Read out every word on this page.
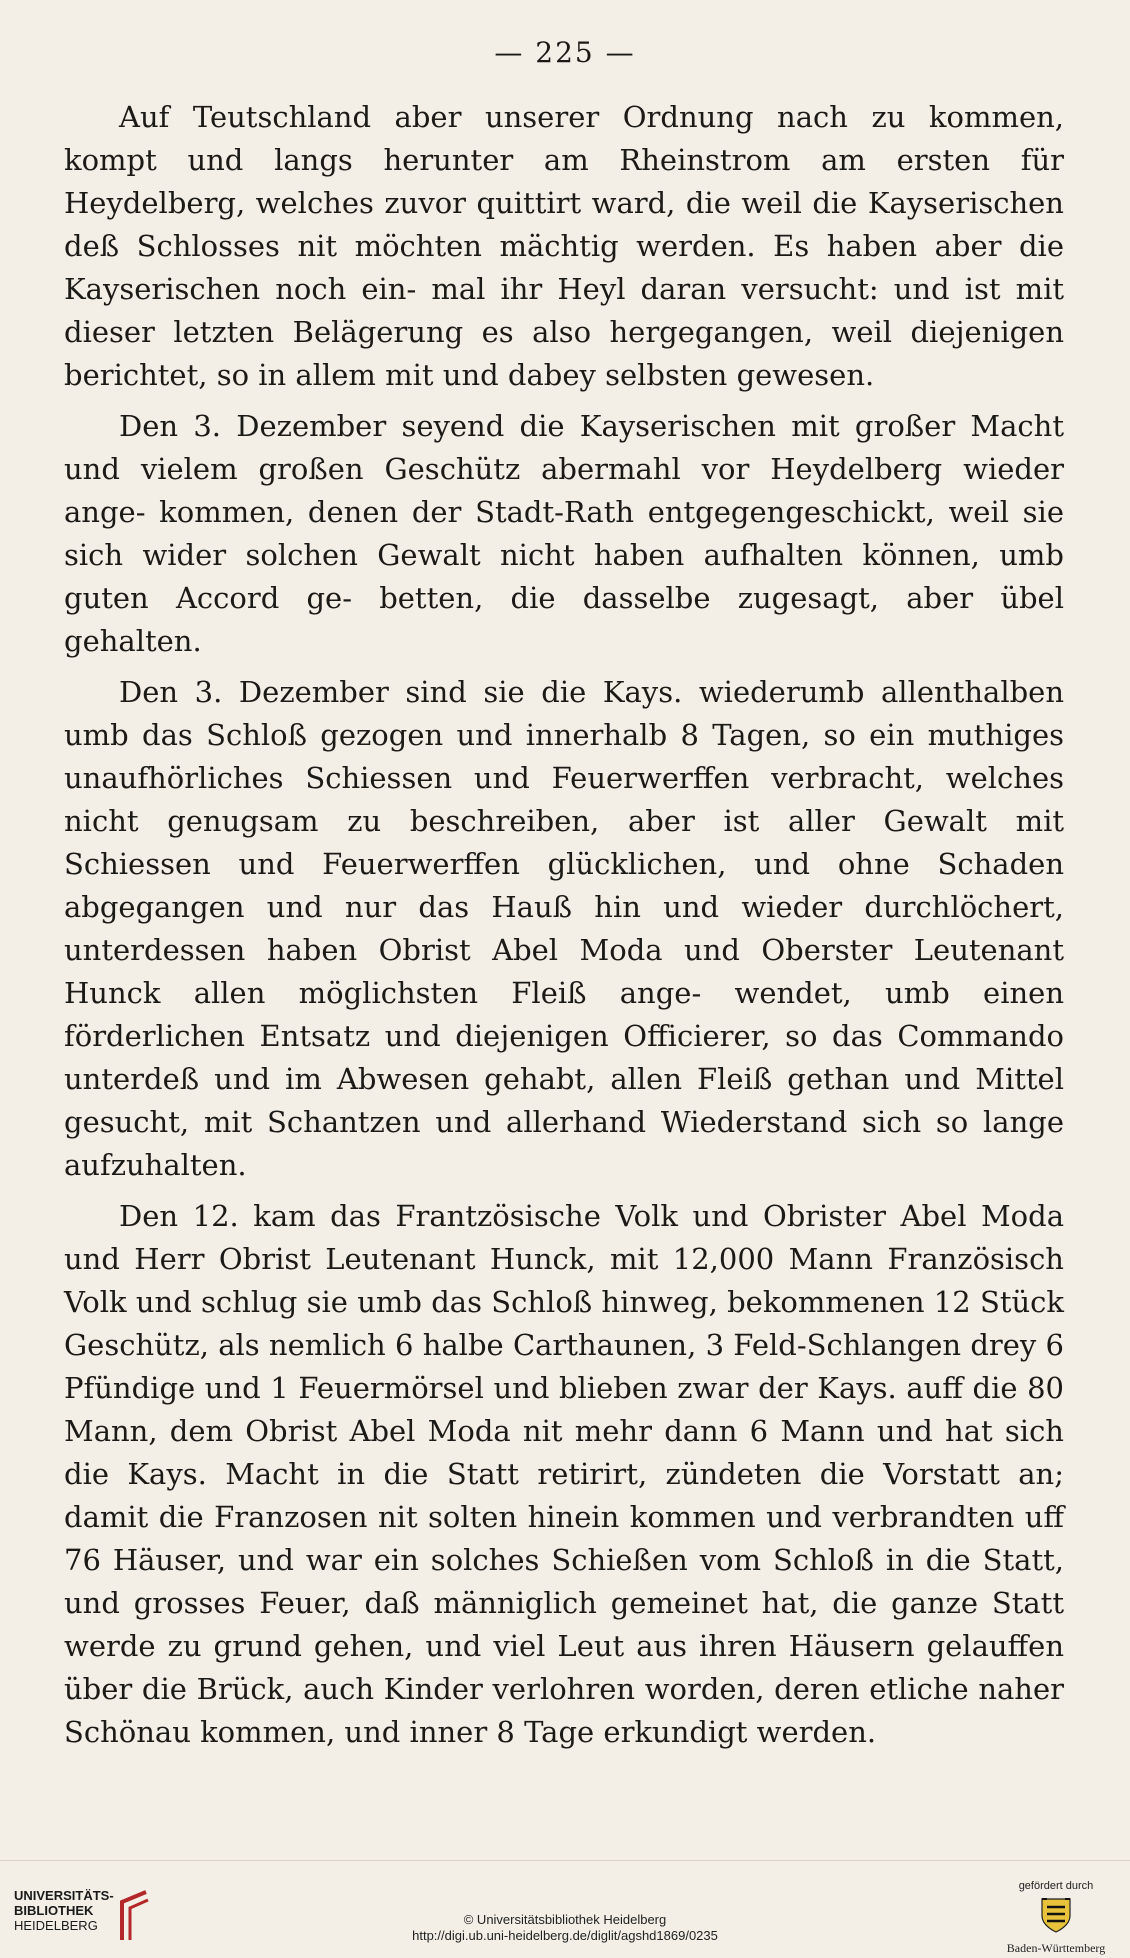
— 225 —

Auf Teutschland aber unserer Ordnung nach zu kommen, kompt und langs herunter am Rheinstrom am ersten für Heydelberg, welches zuvor quittirt ward, die weil die Kayserischen deß Schlosses nit möchten mächtig werden. Es haben aber die Kayserischen noch ein- mal ihr Heyl daran versucht: und ist mit dieser letzten Belägerung es also hergegangen, weil diejenigen berichtet, so in allem mit und dabey selbsten gewesen.

Den 3. Dezember seyend die Kayserischen mit großer Macht und vielem großen Geschütz abermahl vor Heydelberg wieder ange- kommen, denen der Stadt-Rath entgegengeschickt, weil sie sich wider solchen Gewalt nicht haben aufhalten können, umb guten Accord ge- betten, die dasselbe zugesagt, aber übel gehalten.

Den 3. Dezember sind sie die Kays. wiederumb allenthalben umb das Schloß gezogen und innerhalb 8 Tagen, so ein muthiges unaufhörliches Schiessen und Feuerwerffen verbracht, welches nicht genugsam zu beschreiben, aber ist aller Gewalt mit Schiessen und Feuerwerffen glücklichen, und ohne Schaden abgegangen und nur das Hauß hin und wieder durchlöchert, unterdessen haben Obrist Abel Moda und Oberster Leutenant Hunck allen möglichsten Fleiß ange- wendet, umb einen förderlichen Entsatz und diejenigen Officierer, so das Commando unterdeß und im Abwesen gehabt, allen Fleiß gethan und Mittel gesucht, mit Schantzen und allerhand Wiederstand sich so lange aufzuhalten.

Den 12. kam das Frantzösische Volk und Obrister Abel Moda und Herr Obrist Leutenant Hunck, mit 12,000 Mann Französisch Volk und schlug sie umb das Schloß hinweg, bekommenen 12 Stück Geschütz, als nemlich 6 halbe Carthaunen, 3 Feld-Schlangen drey 6 Pfündige und 1 Feuermörsel und blieben zwar der Kays. auff die 80 Mann, dem Obrist Abel Moda nit mehr dann 6 Mann und hat sich die Kays. Macht in die Statt retirirt, zündeten die Vorstatt an; damit die Franzosen nit solten hinein kommen und verbrandten uff 76 Häuser, und war ein solches Schießen vom Schloß in die Statt, und grosses Feuer, daß männiglich gemeinet hat, die ganze Statt werde zu grund gehen, und viel Leut aus ihren Häusern gelauffen über die Brück, auch Kinder verlohren worden, deren etliche naher Schönau kommen, und inner 8 Tage erkundigt werden.

UNIVERSITÄTS-
BIBLIOTHEK
HEIDELBERG	© Universitätsbibliothek Heidelberg
http://digi.ub.uni-heidelberg.de/diglit/agshd1869/0235
gefördert durch
Baden-Württemberg
